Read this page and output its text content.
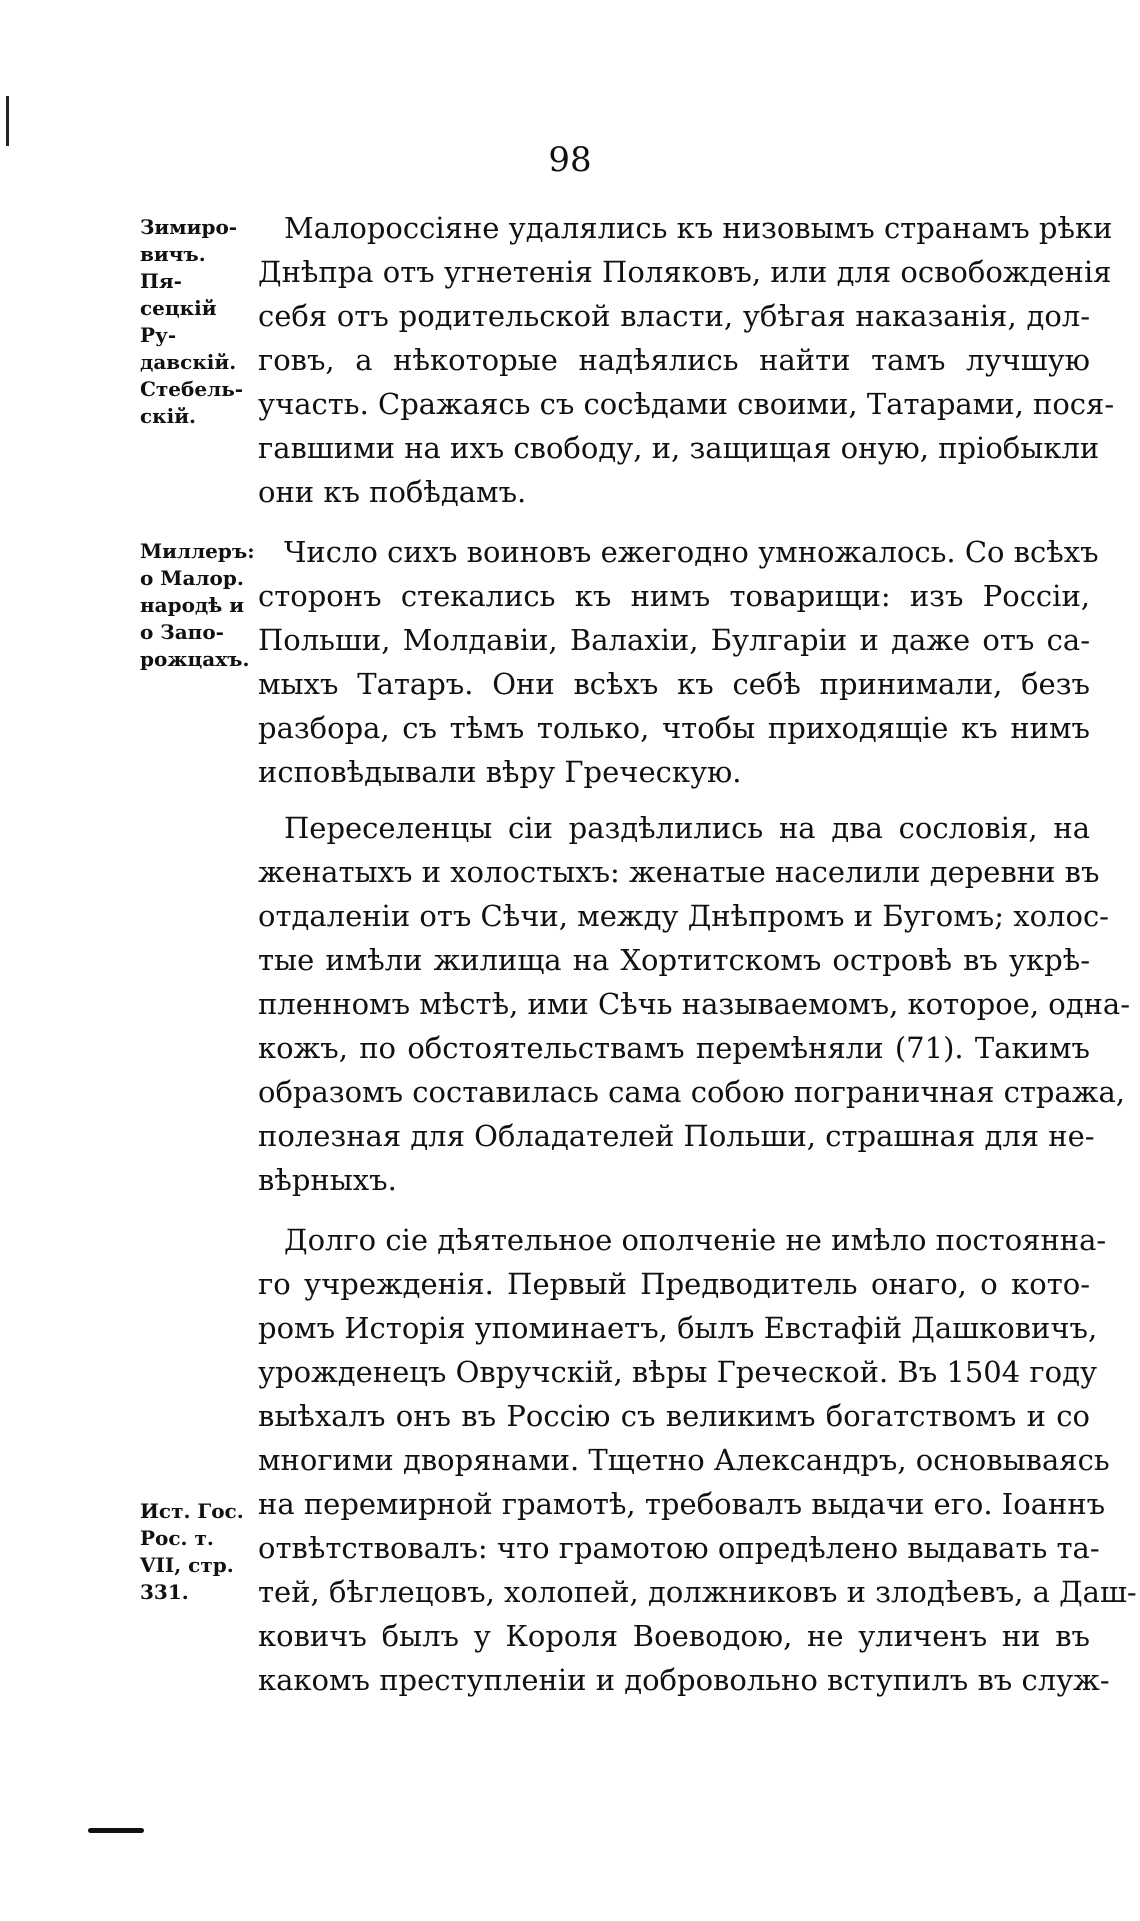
98
Зимиро-
вичъ. Пя-
сецкій Ру-
давскій.
Стебель-
скій.
Миллеръ:
о Малор.
народѣ и
о Запо-
рожцахъ.
Ист. Гос.
Рос. т.
VII, стр.
331.
Малороссіяне удалялись къ низовымъ странамъ рѣки
Днѣпра отъ угнетенія Поляковъ, или для освобожденія
себя отъ родительской власти, убѣгая наказанія, дол-
говъ, а нѣкоторые надѣялись найти тамъ лучшую
участь. Сражаясь съ сосѣдами своими, Татарами, пося-
гавшими на ихъ свободу, и, защищая оную, пріобыкли
они къ побѣдамъ.
Число сихъ воиновъ ежегодно умножалось. Со всѣхъ
сторонъ стекались къ нимъ товарищи: изъ Россіи,
Польши, Молдавіи, Валахіи, Булгаріи и даже отъ са-
мыхъ Татаръ. Они всѣхъ къ себѣ принимали, безъ
разбора, съ тѣмъ только, чтобы приходящіе къ нимъ
исповѣдывали вѣру Греческую.
Переселенцы сіи раздѣлились на два сословія, на
женатыхъ и холостыхъ: женатые населили деревни въ
отдаленіи отъ Сѣчи, между Днѣпромъ и Бугомъ; холос-
тые имѣли жилища на Хортитскомъ островѣ въ укрѣ-
пленномъ мѣстѣ, ими Сѣчь называемомъ, которое, одна-
кожъ, по обстоятельствамъ перемѣняли (71). Такимъ
образомъ составилась сама собою пограничная стража,
полезная для Обладателей Польши, страшная для не-
вѣрныхъ.
Долго сіе дѣятельное ополченіе не имѣло постоянна-
го учрежденія. Первый Предводитель онаго, о кото-
ромъ Исторія упоминаетъ, былъ Евстафій Дашковичъ,
урожденецъ Овручскій, вѣры Греческой. Въ 1504 году
выѣхалъ онъ въ Россію съ великимъ богатствомъ и со
многими дворянами. Тщетно Александръ, основываясь
на перемирной грамотѣ, требовалъ выдачи его. Іоаннъ
отвѣтствовалъ: что грамотою опредѣлено выдавать та-
тей, бѣглецовъ, холопей, должниковъ и злодѣевъ, а Даш-
ковичъ былъ у Короля Воеводою, не уличенъ ни въ
какомъ преступленіи и добровольно вступилъ въ служ-
